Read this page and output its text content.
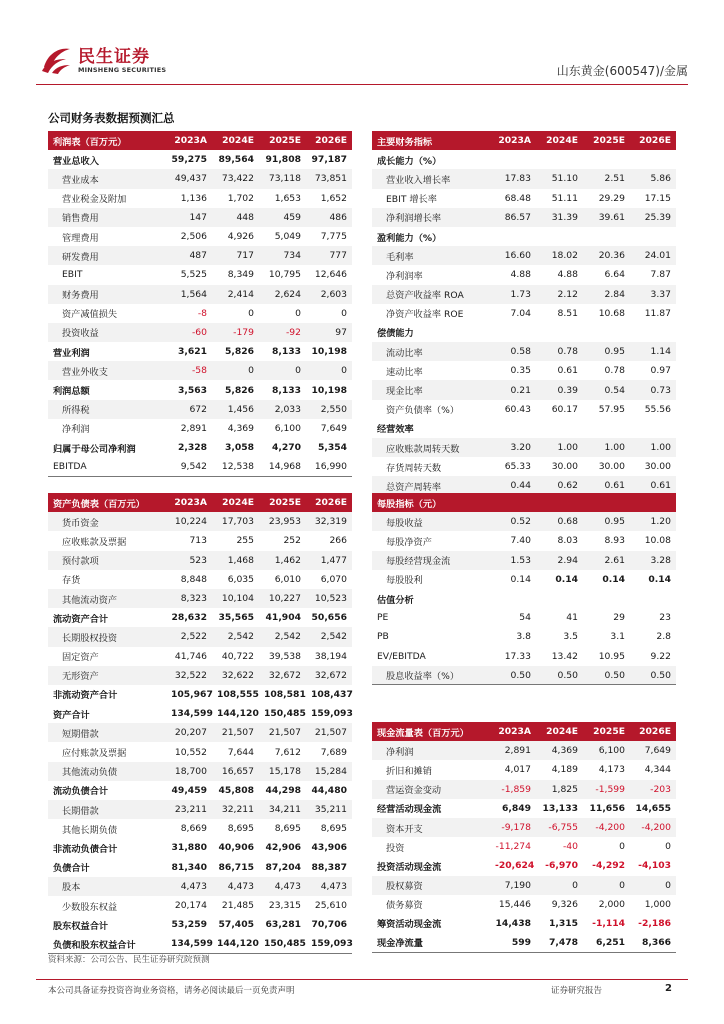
民生证券
MINSHENG SECURITIES	山东黄金(600547)/金属
公司财务表数据预测汇总
利润表（百万元）	2023A	2024E	2025E	2026E
营业总收入	59,275	89,564	91,808	97,187
营业成本	49,437	73,422	73,118	73,851
营业税金及附加	1,136	1,702	1,653	1,652
销售费用	147	448	459	486
管理费用	2,506	4,926	5,049	7,775
研发费用	487	717	734	777
EBIT	5,525	8,349	10,795	12,646
财务费用	1,564	2,414	2,624	2,603
资产减值损失	-8	0	0	0
投资收益	-60	-179	-92	97
营业利润	3,621	5,826	8,133	10,198
营业外收支	-58	0	0	0
利润总额	3,563	5,826	8,133	10,198
所得税	672	1,456	2,033	2,550
净利润	2,891	4,369	6,100	7,649
归属于母公司净利润	2,328	3,058	4,270	5,354
EBITDA	9,542	12,538	14,968	16,990
主要财务指标	2023A	2024E	2025E	2026E
成长能力（%）				
营业收入增长率	17.83	51.10	2.51	5.86
EBIT 增长率	68.48	51.11	29.29	17.15
净利润增长率	86.57	31.39	39.61	25.39
盈利能力（%）				
毛利率	16.60	18.02	20.36	24.01
净利润率	4.88	4.88	6.64	7.87
总资产收益率 ROA	1.73	2.12	2.84	3.37
净资产收益率 ROE	7.04	8.51	10.68	11.87
偿债能力				
流动比率	0.58	0.78	0.95	1.14
速动比率	0.35	0.61	0.78	0.97
现金比率	0.21	0.39	0.54	0.73
资产负债率（%）	60.43	60.17	57.95	55.56
经营效率				
应收账款周转天数	3.20	1.00	1.00	1.00
存货周转天数	65.33	30.00	30.00	30.00
总资产周转率	0.44	0.62	0.61	0.61
资产负债表（百万元）	2023A	2024E	2025E	2026E
货币资金	10,224	17,703	23,953	32,319
应收账款及票据	713	255	252	266
预付款项	523	1,468	1,462	1,477
存货	8,848	6,035	6,010	6,070
其他流动资产	8,323	10,104	10,227	10,523
流动资产合计	28,632	35,565	41,904	50,656
长期股权投资	2,522	2,542	2,542	2,542
固定资产	41,746	40,722	39,538	38,194
无形资产	32,522	32,622	32,672	32,672
非流动资产合计	105,967	108,555	108,581	108,437
资产合计	134,599	144,120	150,485	159,093
短期借款	20,207	21,507	21,507	21,507
应付账款及票据	10,552	7,644	7,612	7,689
其他流动负债	18,700	16,657	15,178	15,284
流动负债合计	49,459	45,808	44,298	44,480
长期借款	23,211	32,211	34,211	35,211
其他长期负债	8,669	8,695	8,695	8,695
非流动负债合计	31,880	40,906	42,906	43,906
负债合计	81,340	86,715	87,204	88,387
股本	4,473	4,473	4,473	4,473
少数股东权益	20,174	21,485	23,315	25,610
股东权益合计	53,259	57,405	63,281	70,706
负债和股东权益合计	134,599	144,120	150,485	159,093
每股指标（元）				
每股收益	0.52	0.68	0.95	1.20
每股净资产	7.40	8.03	8.93	10.08
每股经营现金流	1.53	2.94	2.61	3.28
每股股利	0.14	0.14	0.14	0.14
估值分析				
PE	54	41	29	23
PB	3.8	3.5	3.1	2.8
EV/EBITDA	17.33	13.42	10.95	9.22
股息收益率（%）	0.50	0.50	0.50	0.50
现金流量表（百万元）	2023A	2024E	2025E	2026E
净利润	2,891	4,369	6,100	7,649
折旧和摊销	4,017	4,189	4,173	4,344
营运资金变动	-1,859	1,825	-1,599	-203
经营活动现金流	6,849	13,133	11,656	14,655
资本开支	-9,178	-6,755	-4,200	-4,200
投资	-11,274	-40	0	0
投资活动现金流	-20,624	-6,970	-4,292	-4,103
股权募资	7,190	0	0	0
债务募资	15,446	9,326	2,000	1,000
筹资活动现金流	14,438	1,315	-1,114	-2,186
现金净流量	599	7,478	6,251	8,366
资料来源：公司公告、民生证券研究院预测
本公司具备证券投资咨询业务资格，请务必阅读最后一页免责声明	证券研究报告	2
